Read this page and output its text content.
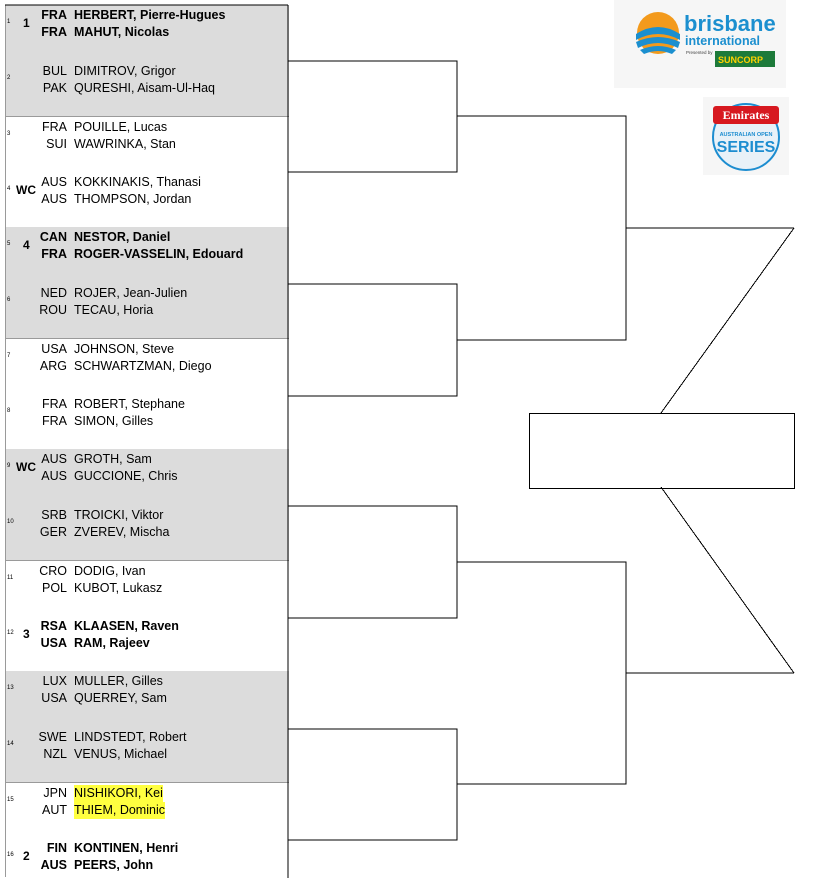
1 1
FRA HERBERT, Pierre-Hugues
FRA MAHUT, Nicolas
2	BUL DIMITROV, Grigor
PAK QURESHI, Aisam-Ul-Haq
3	FRA POUILLE, Lucas
SUI WAWRINKA, Stan
4 WC
AUS KOKKINAKIS, Thanasi
AUS THOMPSON, Jordan
5 4
CAN NESTOR, Daniel
FRA ROGER-VASSELIN, Edouard
6 NED ROJER, Jean-Julien
ROU TECAU, Horia
7	USA JOHNSON, Steve
ARG SCHWARTZMAN, Diego
8	FRA ROBERT, Stephane
FRA SIMON, Gilles
9 WC
AUS GROTH, Sam
AUS GUCCIONE, Chris
10	SRB TROICKI, Viktor
GER ZVEREV, Mischa
11 CRO DODIG, Ivan
POL KUBOT, Lukasz
12 3
RSA KLAASEN, Raven
USA RAM, Rajeev
13	LUX MULLER, Gilles
USA QUERREY, Sam
14 SWE LINDSTEDT, Robert
NZL VENUS, Michael
15	JPN NISHIKORI, Kei
AUT THIEM, Dominic
16 2
FIN KONTINEN, Henri
AUS PEERS, John
brisbane
international
Presented by
SUNCORP
Emirates
AUSTRALIAN OPEN
SERIES
